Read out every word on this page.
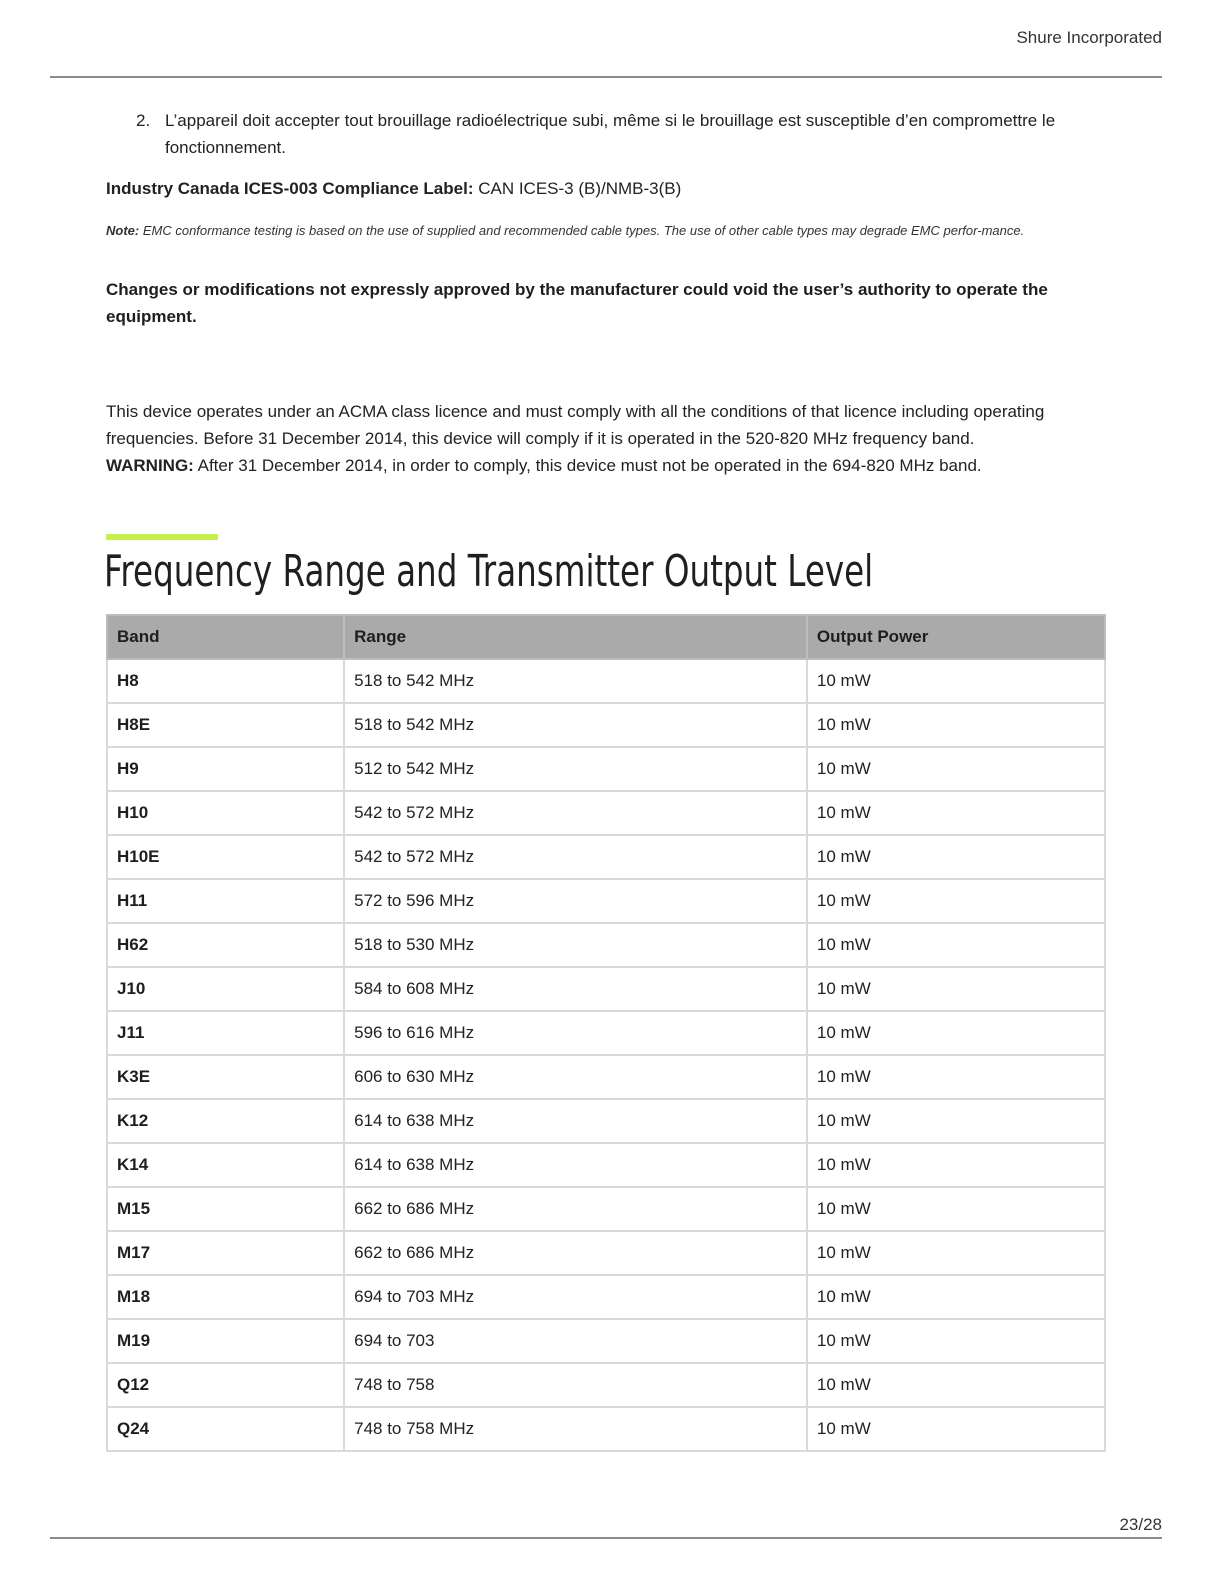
Shure Incorporated
2. L’appareil doit accepter tout brouillage radioélectrique subi, même si le brouillage est susceptible d’en compromettre le fonctionnement.
Industry Canada ICES-003 Compliance Label: CAN ICES-3 (B)/NMB-3(B)
Note: EMC conformance testing is based on the use of supplied and recommended cable types. The use of other cable types may degrade EMC perfor-mance.
Changes or modifications not expressly approved by the manufacturer could void the user’s authority to operate the equipment.
This device operates under an ACMA class licence and must comply with all the conditions of that licence including operating frequencies. Before 31 December 2014, this device will comply if it is operated in the 520-820 MHz frequency band.
WARNING: After 31 December 2014, in order to comply, this device must not be operated in the 694-820 MHz band.
Frequency Range and Transmitter Output Level
Band	Range	Output Power
H8	518 to 542 MHz	10 mW
H8E	518 to 542 MHz	10 mW
H9	512 to 542 MHz	10 mW
H10	542 to 572 MHz	10 mW
H10E	542 to 572 MHz	10 mW
H11	572 to 596 MHz	10 mW
H62	518 to 530 MHz	10 mW
J10	584 to 608 MHz	10 mW
J11	596 to 616 MHz	10 mW
K3E	606 to 630 MHz	10 mW
K12	614 to 638 MHz	10 mW
K14	614 to 638 MHz	10 mW
M15	662 to 686 MHz	10 mW
M17	662 to 686 MHz	10 mW
M18	694 to 703 MHz	10 mW
M19	694 to 703	10 mW
Q12	748 to 758	10 mW
Q24	748 to 758 MHz	10 mW
23/28
